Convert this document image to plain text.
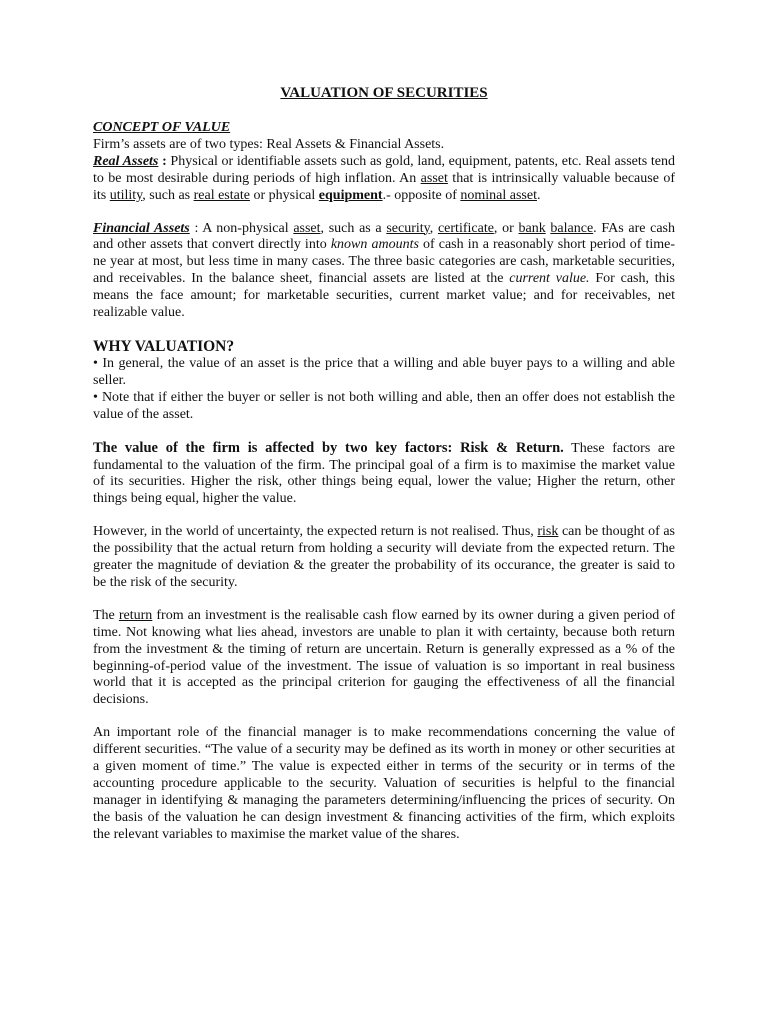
VALUATION OF SECURITIES
CONCEPT OF VALUE

Firm’s assets are of two types: Real Assets & Financial Assets.

Real Assets : Physical or identifiable assets such as gold, land, equipment, patents, etc. Real assets tend to be most desirable during periods of high inflation. An asset that is intrinsically valuable because of its utility, such as real estate or physical equipment.- opposite of nominal asset.

Financial Assets : A non-physical asset, such as a security, certificate, or bank balance. FAs are cash and other assets that convert directly into known amounts of cash in a reasonably short period of time- ne year at most, but less time in many cases. The three basic categories are cash, marketable securities, and receivables. In the balance sheet, financial assets are listed at the current value. For cash, this means the face amount; for marketable securities, current market value; and for receivables, net realizable value.

WHY VALUATION?

• In general, the value of an asset is the price that a willing and able buyer pays to a willing and able seller.

• Note that if either the buyer or seller is not both willing and able, then an offer does not establish the value of the asset.

The value of the firm is affected by two key factors: Risk & Return. These factors are fundamental to the valuation of the firm. The principal goal of a firm is to maximise the market value of its securities. Higher the risk, other things being equal, lower the value; Higher the return, other things being equal, higher the value.

However, in the world of uncertainty, the expected return is not realised. Thus, risk can be thought of as the possibility that the actual return from holding a security will deviate from the expected return. The greater the magnitude of deviation & the greater the probability of its occurance, the greater is said to be the risk of the security.

The return from an investment is the realisable cash flow earned by its owner during a given period of time. Not knowing what lies ahead, investors are unable to plan it with certainty, because both return from the investment & the timing of return are uncertain. Return is generally expressed as a % of the beginning-of-period value of the investment. The issue of valuation is so important in real business world that it is accepted as the principal criterion for gauging the effectiveness of all the financial decisions.

An important role of the financial manager is to make recommendations concerning the value of different securities. “The value of a security may be defined as its worth in money or other securities at a given moment of time.” The value is expected either in terms of the security or in terms of the accounting procedure applicable to the security. Valuation of securities is helpful to the financial manager in identifying & managing the parameters determining/influencing the prices of security. On the basis of the valuation he can design investment & financing activities of the firm, which exploits the relevant variables to maximise the market value of the shares.
